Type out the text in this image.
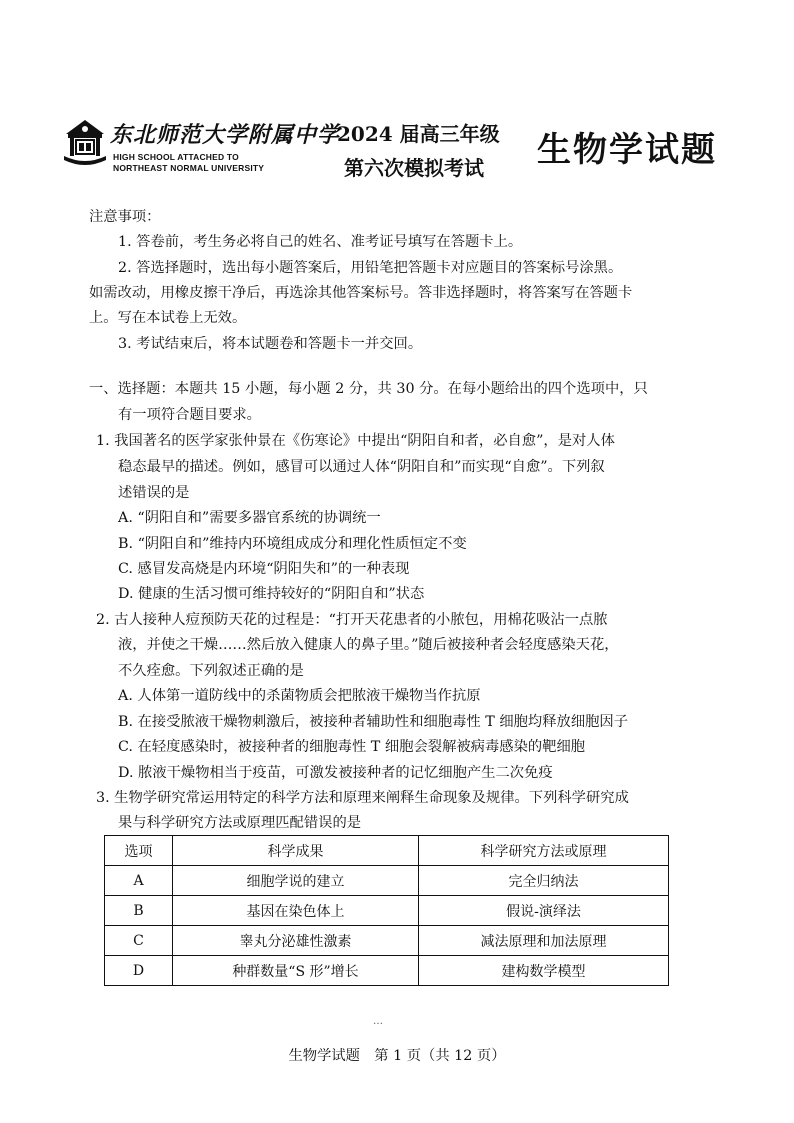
东北师范大学附属中学
HIGH SCHOOL ATTACHED TO
NORTHEAST NORMAL UNIVERSITY
2024 届高三年级
第六次模拟考试 生物学试题
注意事项：
1. 答卷前，考生务必将自己的姓名、准考证号填写在答题卡上。
2. 答选择题时，选出每小题答案后，用铅笔把答题卡对应题目的答案标号涂黑。
如需改动，用橡皮擦干净后，再选涂其他答案标号。答非选择题时，将答案写在答题卡
上。写在本试卷上无效。
3. 考试结束后，将本试题卷和答题卡一并交回。
一、选择题：本题共 15 小题，每小题 2 分，共 30 分。在每小题给出的四个选项中，只
有一项符合题目要求。
1. 我国著名的医学家张仲景在《伤寒论》中提出“阴阳自和者，必自愈”，是对人体
稳态最早的描述。例如，感冒可以通过人体“阴阳自和”而实现“自愈”。下列叙
述错误的是
A. “阴阳自和”需要多器官系统的协调统一
B. “阴阳自和”维持内环境组成成分和理化性质恒定不变
C. 感冒发高烧是内环境“阴阳失和”的一种表现
D. 健康的生活习惯可维持较好的“阴阳自和”状态
2. 古人接种人痘预防天花的过程是：“打开天花患者的小脓包，用棉花吸沾一点脓
液，并使之干燥……然后放入健康人的鼻子里。”随后被接种者会轻度感染天花，
不久痊愈。下列叙述正确的是
A. 人体第一道防线中的杀菌物质会把脓液干燥物当作抗原
B. 在接受脓液干燥物刺激后，被接种者辅助性和细胞毒性 T 细胞均释放细胞因子
C. 在轻度感染时，被接种者的细胞毒性 T 细胞会裂解被病毒感染的靶细胞
D. 脓液干燥物相当于疫苗，可激发被接种者的记忆细胞产生二次免疫
3. 生物学研究常运用特定的科学方法和原理来阐释生命现象及规律。下列科学研究成
果与科学研究方法或原理匹配错误的是
选项	科学成果	科学研究方法或原理
A	细胞学说的建立	完全归纳法
B	基因在染色体上	假说-演绎法
C	睾丸分泌雄性激素	减法原理和加法原理
D	种群数量“S 形”增长	建构数学模型
…
生物学试题　第 1 页（共 12 页）
